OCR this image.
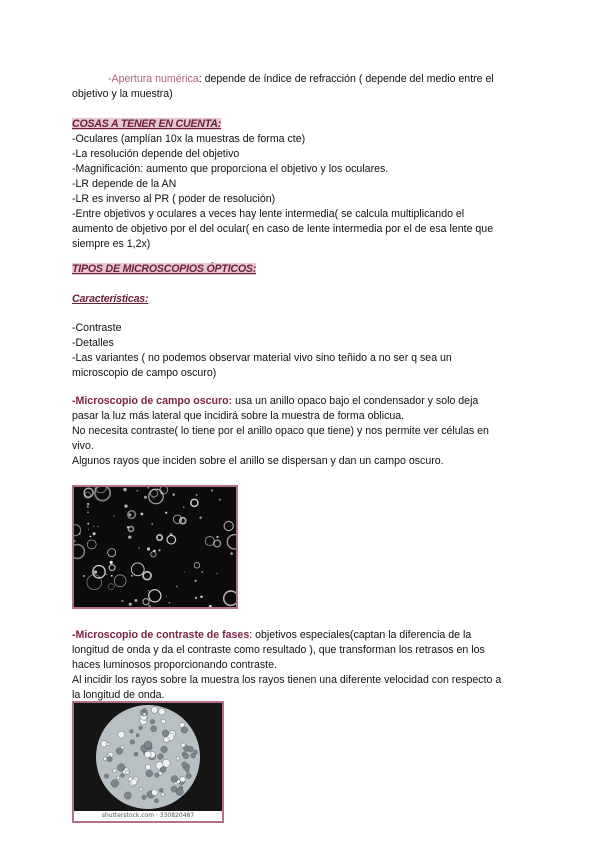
-Apertura numérica: depende de índice de refracción ( depende del medio entre el
objetivo y la muestra)
COSAS A TENER EN CUENTA:
-Oculares (amplían 10x la muestras de forma cte)
-La resolución depende del objetivo
-Magnificación: aumento que proporciona el objetivo y los oculares.
-LR depende de la AN
-LR es inverso al PR ( poder de resolución)
-Entre objetivos y oculares a veces hay lente intermedia( se calcula multiplicando el
aumento de objetivo por el del ocular( en caso de lente intermedia por el de esa lente que
siempre es 1,2x)
TIPOS DE MICROSCOPIOS ÓPTICOS:
Características:
-Contraste
-Detalles
-Las variantes ( no podemos observar material vivo sino teñido a no ser q sea un
microscopio de campo oscuro)
-Microscopio de campo oscuro: usa un anillo opaco bajo el condensador y solo deja
pasar la luz más lateral que incidirá sobre la muestra de forma oblicua.
No necesita contraste( lo tiene por el anillo opaco que tiene) y nos permite ver células en
vivo.
Algunos rayos que inciden sobre el anillo se dispersan y dan un campo oscuro.
-Microscopio de contraste de fases: objetivos especiales(captan la diferencia de la
longitud de onda y da el contraste como resultado ), que transforman los retrasos en los
haces luminosos proporcionando contraste.
Al incidir los rayos sobre la muestra los rayos tienen una diferente velocidad con respecto a
la longitud de onda.
shutterstock.com · 330820487
